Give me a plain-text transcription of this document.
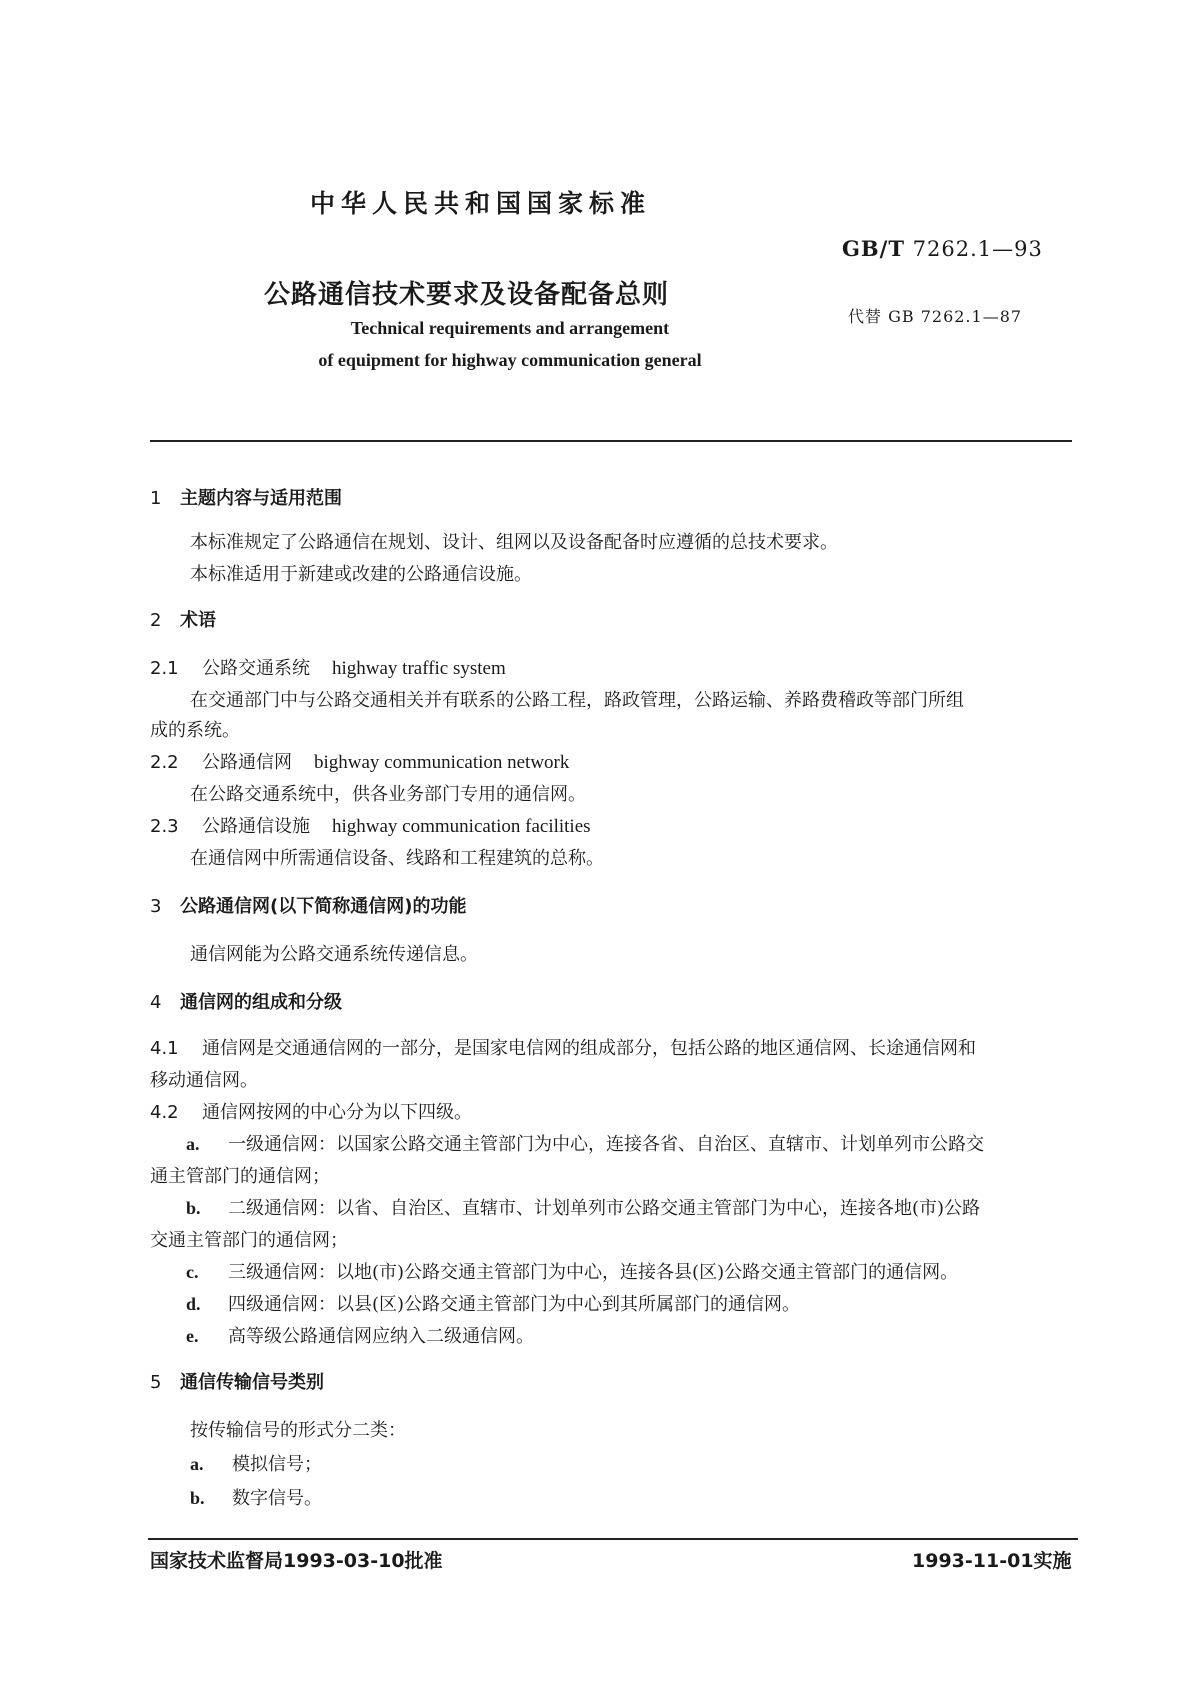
中华人民共和国国家标准
GB/T 7262.1—93
公路通信技术要求及设备配备总则
代替 GB 7262.1—87
Technical requirements and arrangement
of equipment for highway communication general
1 主题内容与适用范围
本标准规定了公路通信在规划、设计、组网以及设备配备时应遵循的总技术要求。
本标准适用于新建或改建的公路通信设施。
2 术语
2.1 公路交通系统 highway traffic system
在交通部门中与公路交通相关并有联系的公路工程，路政管理，公路运输、养路费稽政等部门所组
成的系统。
2.2 公路通信网 bighway communication network
在公路交通系统中，供各业务部门专用的通信网。
2.3 公路通信设施 highway communication facilities
在通信网中所需通信设备、线路和工程建筑的总称。
3 公路通信网(以下简称通信网)的功能
通信网能为公路交通系统传递信息。
4 通信网的组成和分级
4.1 通信网是交通通信网的一部分，是国家电信网的组成部分，包括公路的地区通信网、长途通信网和
移动通信网。
4.2 通信网按网的中心分为以下四级。
a. 一级通信网：以国家公路交通主管部门为中心，连接各省、自治区、直辖市、计划单列市公路交
通主管部门的通信网；
b. 二级通信网：以省、自治区、直辖市、计划单列市公路交通主管部门为中心，连接各地(市)公路
交通主管部门的通信网；
c. 三级通信网：以地(市)公路交通主管部门为中心，连接各县(区)公路交通主管部门的通信网。
d. 四级通信网：以县(区)公路交通主管部门为中心到其所属部门的通信网。
e. 高等级公路通信网应纳入二级通信网。
5 通信传输信号类别
按传输信号的形式分二类：
a. 模拟信号；
b. 数字信号。
国家技术监督局1993-03-10批准	1993-11-01实施
